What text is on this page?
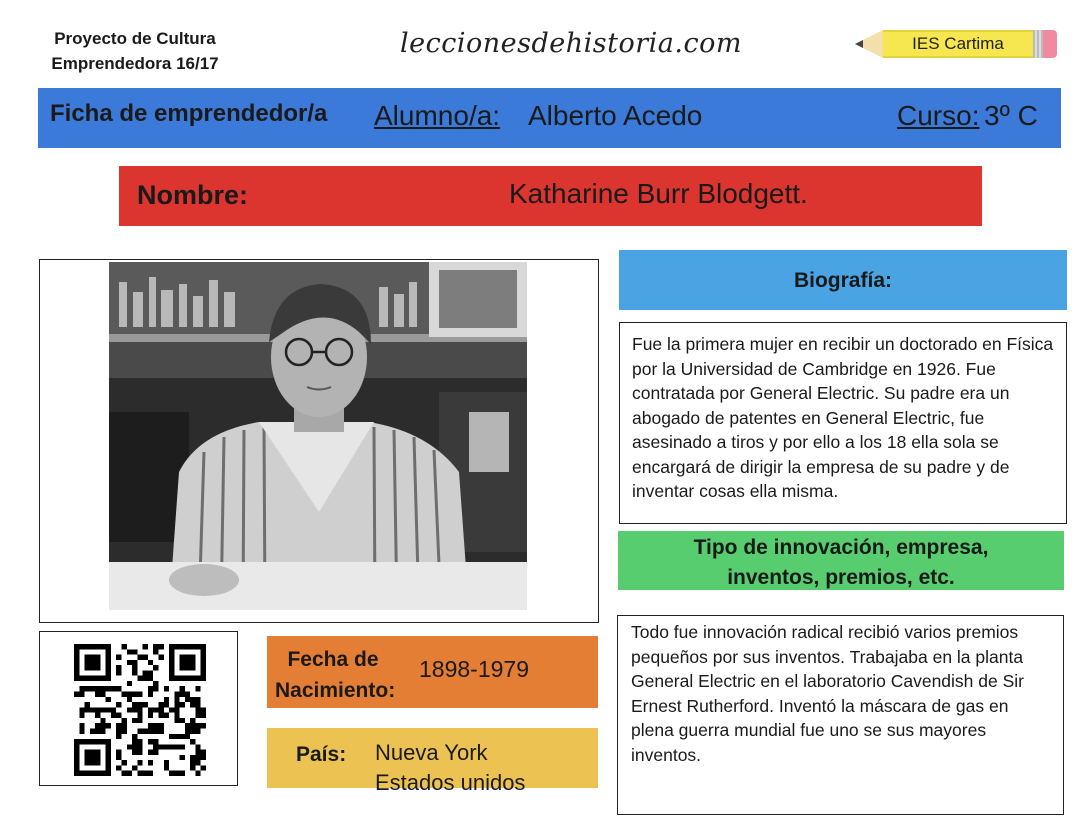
Proyecto de Cultura
Emprendedora 16/17
leccionesdehistoria.com	IES Cartima
Ficha de emprendedor/a Alumno/a: Alberto Acedo	Curso: 3º C
Nombre:	Katharine Burr Blodgett.
Fecha de
Nacimiento:
1898-1979
País: Nueva York
Estados unidos
Biografía:
Fue la primera mujer en recibir un doctorado en Física por la Universidad de Cambridge en 1926. Fue contratada por General Electric. Su padre era un abogado de patentes en General Electric, fue asesinado a tiros y por ello a los 18 ella sola se encargará de dirigir la empresa de su padre y de inventar cosas ella misma.
Tipo de innovación, empresa,
inventos, premios, etc.
Todo fue innovación radical recibió varios premios pequeños por sus inventos. Trabajaba en la planta General Electric en el laboratorio Cavendish de Sir Ernest Rutherford. Inventó la máscara de gas en plena guerra mundial fue uno se sus mayores inventos.
